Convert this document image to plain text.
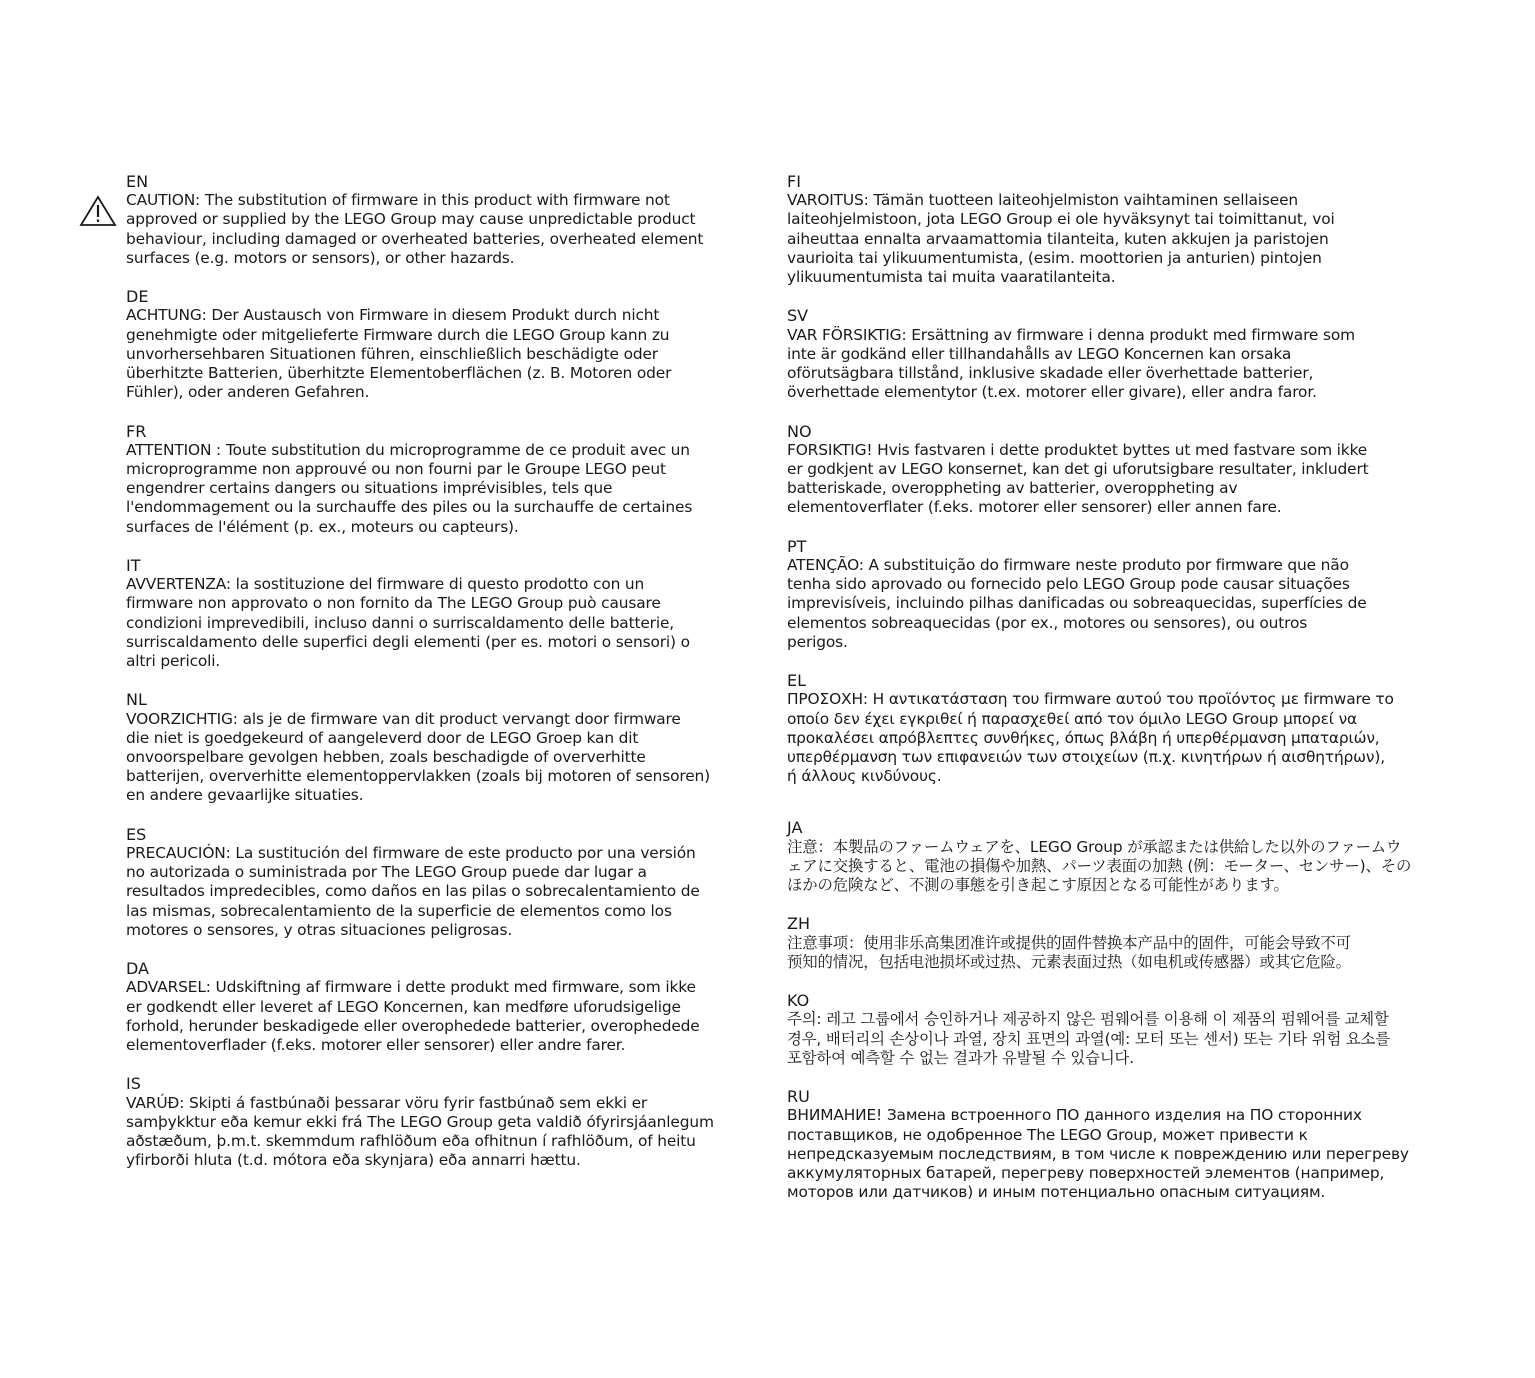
EN
CAUTION: The substitution of firmware in this product with firmware not
approved or supplied by the LEGO Group may cause unpredictable product
behaviour, including damaged or overheated batteries, overheated element
surfaces (e.g. motors or sensors), or other hazards.
DE
ACHTUNG: Der Austausch von Firmware in diesem Produkt durch nicht
genehmigte oder mitgelieferte Firmware durch die LEGO Group kann zu
unvorhersehbaren Situationen führen, einschließlich beschädigte oder
überhitzte Batterien, überhitzte Elementoberflächen (z. B. Motoren oder
Fühler), oder anderen Gefahren.
FR
ATTENTION : Toute substitution du microprogramme de ce produit avec un
microprogramme non approuvé ou non fourni par le Groupe LEGO peut
engendrer certains dangers ou situations imprévisibles, tels que
l'endommagement ou la surchauffe des piles ou la surchauffe de certaines
surfaces de l'élément (p. ex., moteurs ou capteurs).
IT
AVVERTENZA: la sostituzione del firmware di questo prodotto con un
firmware non approvato o non fornito da The LEGO Group può causare
condizioni imprevedibili, incluso danni o surriscaldamento delle batterie,
surriscaldamento delle superfici degli elementi (per es. motori o sensori) o
altri pericoli.
NL
VOORZICHTIG: als je de firmware van dit product vervangt door firmware
die niet is goedgekeurd of aangeleverd door de LEGO Groep kan dit
onvoorspelbare gevolgen hebben, zoals beschadigde of oververhitte
batterijen, oververhitte elementoppervlakken (zoals bij motoren of sensoren)
en andere gevaarlijke situaties.
ES
PRECAUCIÓN: La sustitución del firmware de este producto por una versión
no autorizada o suministrada por The LEGO Group puede dar lugar a
resultados impredecibles, como daños en las pilas o sobrecalentamiento de
las mismas, sobrecalentamiento de la superficie de elementos como los
motores o sensores, y otras situaciones peligrosas.
DA
ADVARSEL: Udskiftning af firmware i dette produkt med firmware, som ikke
er godkendt eller leveret af LEGO Koncernen, kan medføre uforudsigelige
forhold, herunder beskadigede eller overophedede batterier, overophedede
elementoverflader (f.eks. motorer eller sensorer) eller andre farer.
IS
VARÚÐ: Skipti á fastbúnaði þessarar vöru fyrir fastbúnað sem ekki er
samþykktur eða kemur ekki frá The LEGO Group geta valdið ófyrirsjáanlegum
aðstæðum, þ.m.t. skemmdum rafhlöðum eða ofhitnun í rafhlöðum, of heitu
yfirborði hluta (t.d. mótora eða skynjara) eða annarri hættu.
FI
VAROITUS: Tämän tuotteen laiteohjelmiston vaihtaminen sellaiseen
laiteohjelmistoon, jota LEGO Group ei ole hyväksynyt tai toimittanut, voi
aiheuttaa ennalta arvaamattomia tilanteita, kuten akkujen ja paristojen
vaurioita tai ylikuumentumista, (esim. moottorien ja anturien) pintojen
ylikuumentumista tai muita vaaratilanteita.
SV
VAR FÖRSIKTIG: Ersättning av firmware i denna produkt med firmware som
inte är godkänd eller tillhandahålls av LEGO Koncernen kan orsaka
oförutsägbara tillstånd, inklusive skadade eller överhettade batterier,
överhettade elementytor (t.ex. motorer eller givare), eller andra faror.
NO
FORSIKTIG! Hvis fastvaren i dette produktet byttes ut med fastvare som ikke
er godkjent av LEGO konsernet, kan det gi uforutsigbare resultater, inkludert
batteriskade, overoppheting av batterier, overoppheting av
elementoverflater (f.eks. motorer eller sensorer) eller annen fare.
PT
ATENÇÃO: A substituição do firmware neste produto por firmware que não
tenha sido aprovado ou fornecido pelo LEGO Group pode causar situações
imprevisíveis, incluindo pilhas danificadas ou sobreaquecidas, superfícies de
elementos sobreaquecidas (por ex., motores ou sensores), ou outros
perigos.
EL
ΠΡΟΣΟΧΗ: Η αντικατάσταση του firmware αυτού του προϊόντος με firmware το
οποίο δεν έχει εγκριθεί ή παρασχεθεί από τον όμιλο LEGO Group μπορεί να
προκαλέσει απρόβλεπτες συνθήκες, όπως βλάβη ή υπερθέρμανση μπαταριών,
υπερθέρμανση των επιφανειών των στοιχείων (π.χ. κινητήρων ή αισθητήρων),
ή άλλους κινδύνους.
JA
注意：本製品のファームウェアを、LEGO Group が承認または供給した以外のファームウ
ェアに交換すると、電池の損傷や加熱、パーツ表面の加熱 (例：モーター、センサー)、その
ほかの危険など、不測の事態を引き起こす原因となる可能性があります。
ZH
注意事项：使用非乐高集团准许或提供的固件替换本产品中的固件，可能会导致不可
预知的情况，包括电池损坏或过热、元素表面过热（如电机或传感器）或其它危险。
KO
주의: 레고 그룹에서 승인하거나 제공하지 않은 펌웨어를 이용해 이 제품의 펌웨어를 교체할
경우, 배터리의 손상이나 과열, 장치 표면의 과열(예: 모터 또는 센서) 또는 기타 위험 요소를
포함하여 예측할 수 없는 결과가 유발될 수 있습니다.
RU
ВНИМАНИЕ! Замена встроенного ПО данного изделия на ПО сторонних
поставщиков, не одобренное The LEGO Group, может привести к
непредсказуемым последствиям, в том числе к повреждению или перегреву
аккумуляторных батарей, перегреву поверхностей элементов (например,
моторов или датчиков) и иным потенциально опасным ситуациям.
